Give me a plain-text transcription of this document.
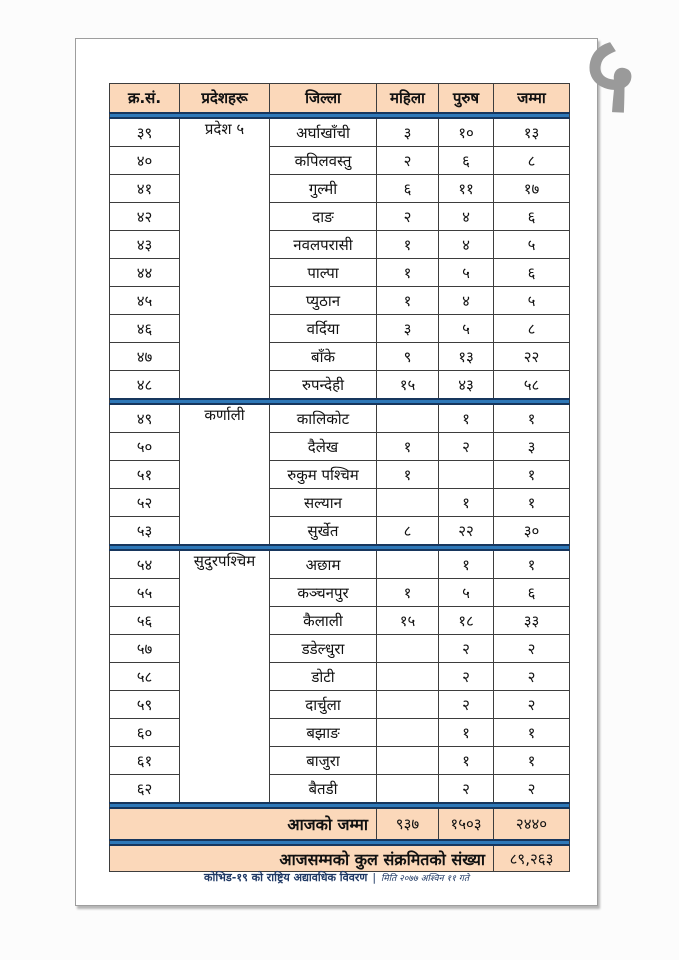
५
क्र.सं.	प्रदेशहरू	जिल्ला	महिला	पुरुष	जम्मा

३९	प्रदेश ५	अर्घाखाँची	३	१०	१३
४०		कपिलवस्तु	२	६	८
४१		गुल्मी	६	११	१७
४२		दाङ	२	४	६
४३		नवलपरासी	१	४	५
४४		पाल्पा	१	५	६
४५		प्युठान	१	४	५
४६		वर्दिया	३	५	८
४७		बाँके	९	१३	२२
४८		रुपन्देही	१५	४३	५८

४९	कर्णाली	कालिकोट		१	१
५०		दैलेख	१	२	३
५१		रुकुम पश्चिम	१		१
५२		सल्यान		१	१
५३		सुर्खेत	८	२२	३०

५४	सुदुरपश्चिम	अछाम		१	१
५५		कञ्चनपुर	१	५	६
५६		कैलाली	१५	१८	३३
५७		डडेल्धुरा		२	२
५८		डोटी		२	२
५९		दार्चुला		२	२
६०		बझाङ		१	१
६१		बाजुरा		१	१
६२		बैतडी		२	२

आजको जम्मा			९३७	१५०३	२४४०

आजसम्मको कुल संक्रमितको संख्या					८९,२६३
कोभिड-१९ को राष्ट्रिय अद्यावधिक विवरण | मिति २०७७ अश्विन ११ गते
